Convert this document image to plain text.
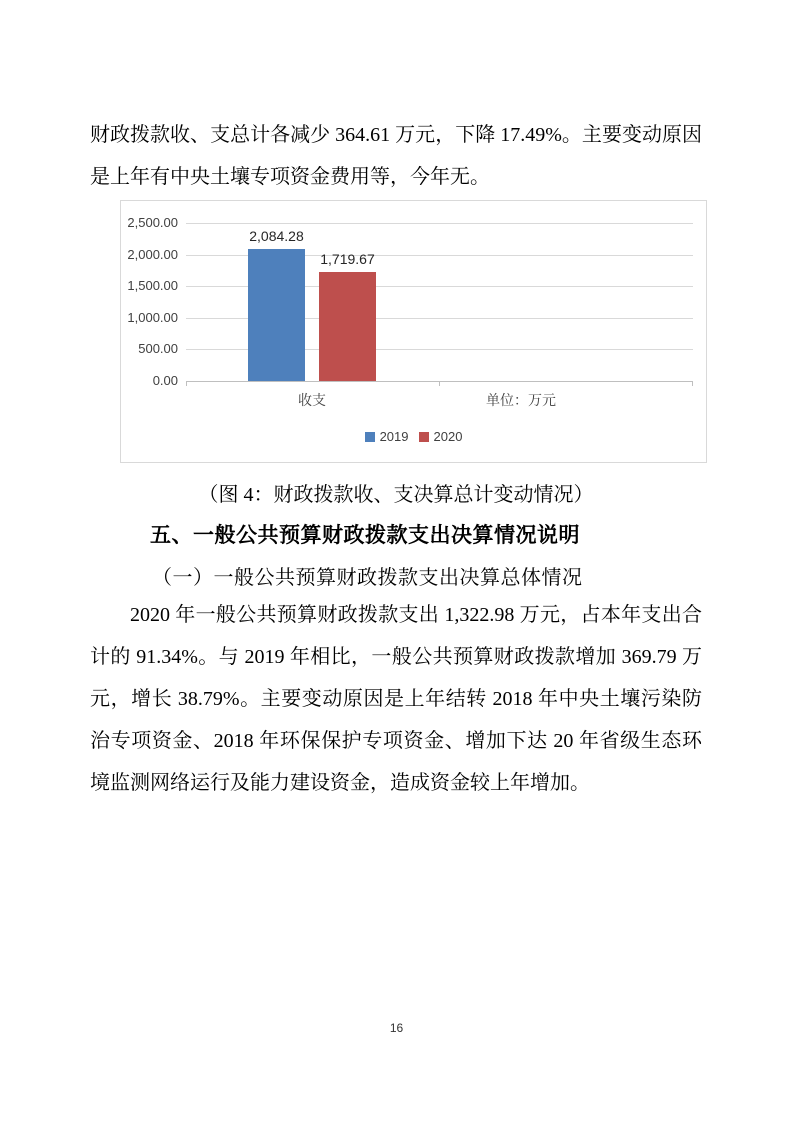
财政拨款收、支总计各减少 364.61 万元，下降 17.49%。主要变动原因是上年有中央土壤专项资金费用等，今年无。

2,084.28
1,719.67
0.00
500.00
1,000.00
1,500.00
2,000.00
2,500.00
收支	单位：万元
2019 2020

（图 4：财政拨款收、支决算总计变动情况）

五、一般公共预算财政拨款支出决算情况说明
（一）一般公共预算财政拨款支出决算总体情况

2020 年一般公共预算财政拨款支出 1,322.98 万元，占本年支出合计的 91.34%。与 2019 年相比，一般公共预算财政拨款增加 369.79 万元，增长 38.79%。主要变动原因是上年结转 2018 年中央土壤污染防治专项资金、2018 年环保保护专项资金、增加下达 20 年省级生态环境监测网络运行及能力建设资金，造成资金较上年增加。

16
